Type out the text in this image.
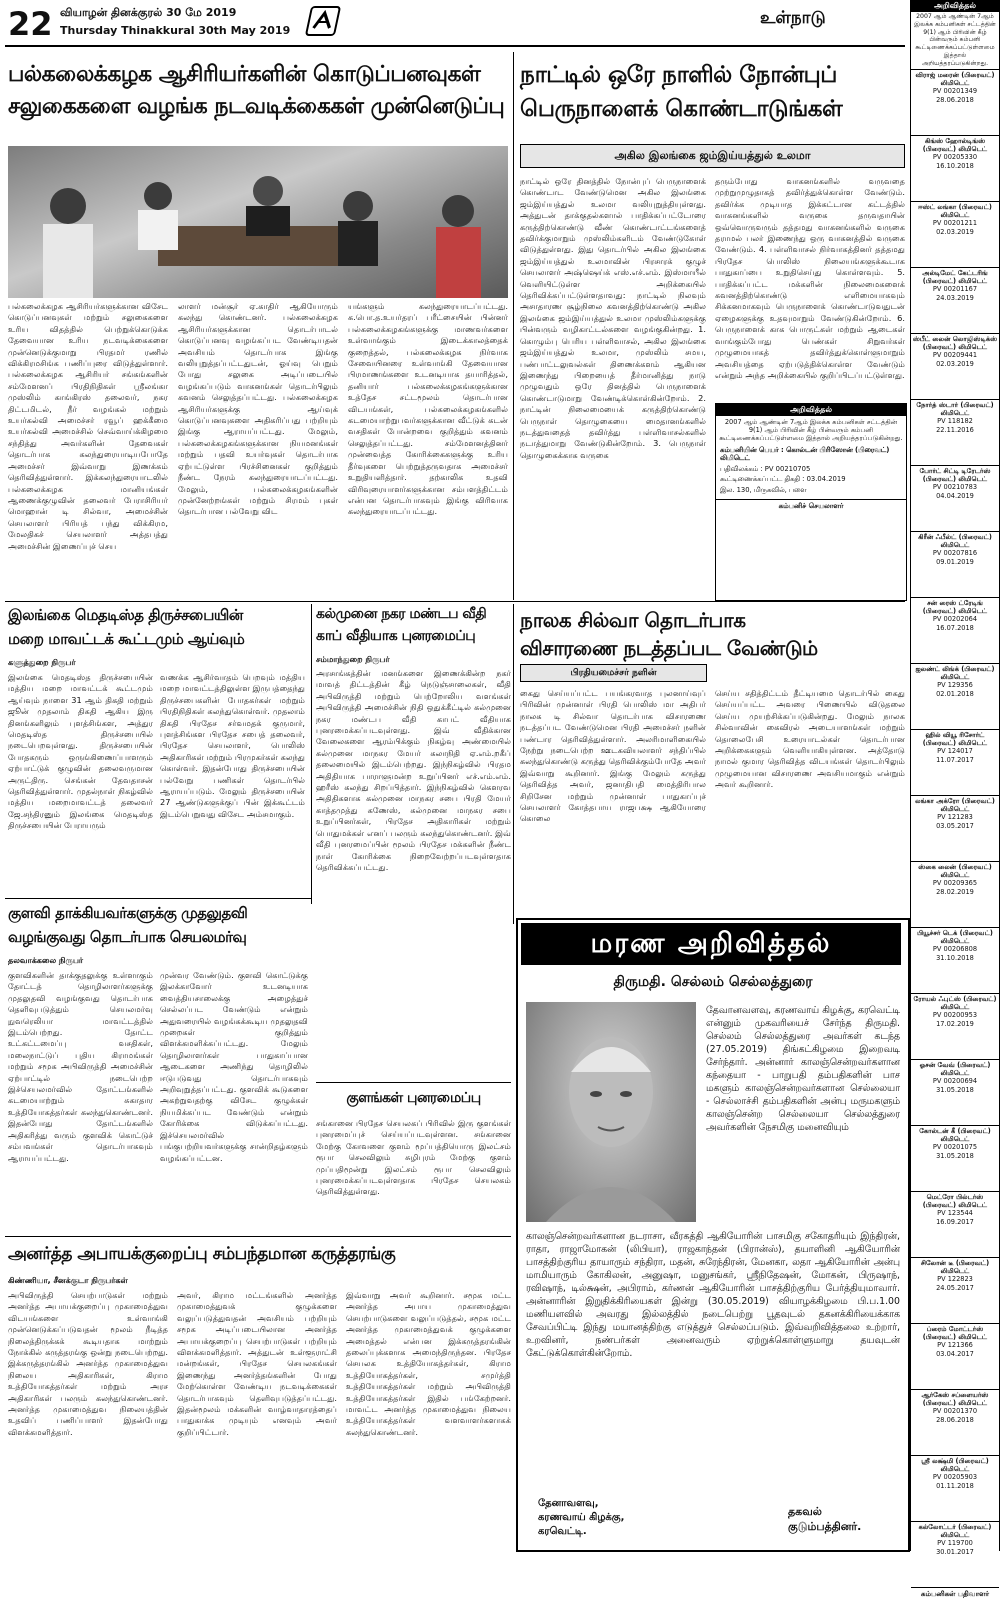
22 வியாழன் தினக்குரல் 30 மே 2019
Thursday Thinakkural 30th May 2019
உள்நாடு
பல்கலைக்கழக ஆசிரியர்களின் கொடுப்பனவுகள்
சலுகைகளை வழங்க நடவடிக்கைகள் முன்னெடுப்பு
பல்கலைக்கழக ஆசிரியர்களுக்கான விசேட கொடுப்பனவுகள் மற்றும் சலுகைகளை உரிய விதத்தில் பெற்றுக்கொடுக்க தேவையான உரிய நடவடிக்கைகளை முன்னெடுக்குமாறு பிரதமர் ரணில் விக்கிரமசிங்க பணிப்புரை விடுத்துள்ளார். பல்கலைக்கழக ஆசிரியர் சங்கங்களின் சம்மேளனப் பிரதிநிதிகள் ஸ்ரீலங்கா முஸ்லிம் காங்கிரஸ் தலைவர், நகர திட்டமிடல், நீர் வழங்கல் மற்றும் உயர்கல்வி அமைச்சர் ரவூப் ஹக்கீமை உயர்கல்வி அமைச்சில் செவ்வாய்க்கிழமை சந்தித்து அவர்களின் தேவைகள் தொடர்பாக கலந்துரையாடியபோதே அமைச்சர் இவ்வாறு இணக்கம் தெரிவித்துள்ளார். இக்கலந்துரையாடலில் பல்கலைக்கழக மானியங்கள் ஆணைக்குழுவின் தலைவர் பேராசிரியர் மொஹான் டி சில்வா, அமைச்சின் செயலாளர் பிரியத் பந்து விக்கிரம, மேலதிகச் செயலாளர் அத்தபத்து அமைச்சின் இணைப்புச் செய
லாளர் மன்சூர் ஏ.காதிர் ஆகியோரும் கலந்து கொண்டனர். பல்கலைக்கழக ஆசிரியர்களுக்கான தொடர்பாடல் கொடுப்பனவு வழங்கப்பட வேண்டியதன் அவசியம் தொடர்பாக இங்கு வலியுறுத்தப்பட்டதுடன், ஓய்வு பெறும் போது சலுகை அடிப்படையில் வழங்கப்படும் வாகனங்கள் தொடர்பிலும் கவனம் செலுத்தப்பட்டது. பல்கலைக்கழக ஆசிரியர்களுக்கு ஆய்வுக் கொடுப்பனவுகளை அதிகரிப்பது பற்றியும் இங்கு ஆராயப்பட்டது. மேலும், பல்கலைக்கழகங்களுக்கான நியமனங்கள் மற்றும் பதவி உயர்வுகள் தொடர்பாக ஏற்பட்டுள்ள பிரச்சினைகள் குறித்தும் நீண்ட நேரம் கலந்துரையாடப்பட்டது. மேலும், பல்கலைக்கழகங்களின் முன்னேற்றங்கள் மற்றும் சிரமம் புகள் தொடர்பான பல்வேறு விட
யங்களும் கலந்துரையாடப்பட்டது. க.பொ.த.உயர்தரப் பரீட்சையின் பின்னர் பல்கலைக்கழகங்களுக்கு மாணவர்களை உள்வாங்கும் இடைக்காலத்தைக் குறைத்தல், பல்கலைக்கழக நிர்வாக சேவையினரை உள்வாங்கி தேவையான பிரமாணங்களை உடனடியாக தயாரித்தல், தனியார் பல்கலைக்கழகங்களுக்கான உத்தேச சட்டமூலம் தொடர்பான விடயங்கள், பல்கலைக்கழகங்களில் கடமையாற்றுபவர்களுக்கான வீட்டுக் கடன் வசதிகள் போன்றவை குறித்தும் கவனம் செலுத்தப்பட்டது. சம்மேளனத்தினர் முன்வைத்த கோரிக்கைகளுக்கு உரிய தீர்வுகளை பெற்றுத்தருவதாக அமைச்சர் உறுதியளித்தார். தற்காலிக உதவி விரிவுரையாளர்களுக்கான சம்பளத்திட்டம் என்பன தொடர்பாகவும் இங்கு விரிவாக கலந்துரையாடப்பட்டது.
நாட்டில் ஒரே நாளில் நோன்புப்
பெருநாளைக் கொண்டாடுங்கள்
அகில இலங்கை ஜம்இய்யத்துல் உலமா
நாட்டில் ஒரே தினத்தில் நோன்புப் பெருநாளைக் கொண்டாட வேண்டுமென அகில இலங்கை ஜம்இய்யத்துல் உலமா வலியுறுத்தியுள்ளது. அத்துடன் தாக்குதல்களால் பாதிக்கப்பட்டோரை கருத்திற்கொண்டு வீண் கொண்டாட்டங்களைத் தவிர்க்குமாறும் முஸ்லிம்களிடம் வேண்டுகோள் விடுத்துள்ளது. இது தொடர்பில் அகில இலங்கை ஜம்இய்யத்துல் உலமாவின் பிரசாரக் குழுச் செயலாளர் அஷ்ஷெய்க் எஸ்.எச்.எம். இஸ்மாயீல் வெளியிட்டுள்ள அறிக்கையில் தெரிவிக்கப்பட்டுள்ளதாவது: நாட்டில் நிலவும் அசாதாரண சூழ்நிலை கவனத்திற்கொண்டு அகில இலங்கை ஜம்இய்யத்துல் உலமா முஸ்லிம்களுக்கு பின்வரும் வழிகாட்டல்களை வழங்குகின்றது. 1. கொழும்பு பெரிய பள்ளிவாசல், அகில இலங்கை ஜம்இய்யத்துல் உலமா, முஸ்லிம் சமய, பண்பாட்டலுவல்கள் திணைக்களம் ஆகியன இணைந்து பிறையைத் தீர்மானித்து நாடு முழுவதும் ஒரே தினத்தில் பெருநாளைக் கொண்டாடுமாறு வேண்டிக்கொள்கின்றோம். 2. நாட்டின் நிலைமையைக் கருத்திற்கொண்டு பெருநாள் தொழுகையை மைதானங்களில் நடத்துவதைத் தவிர்த்து பள்ளிவாசல்களில் நடாத்துமாறு வேண்டுகின்றோம். 3. பெருநாள் தொழுகைக்காக வருகை
தரும்போது வாகனங்களில் வருவதை முற்றுமுழுதாகத் தவிர்த்துக்கொள்ள வேண்டும். தவிர்க்க முடியாத இக்கட்டான கட்டத்தில் வாகனங்களில் வருகை தருவதாயின் ஒவ்வொருவரும் தத்தமது வாகனங்களில் வருகை தராமல் பலர் இணைந்து ஒரு வாகனத்தில் வருகை வேண்டும். 4. பள்ளிவாசல் நிர்வாகத்தினர் தத்தமது பிரதேச பொலிஸ் நிலையங்களுக்கூடாக பாதுகாப்பை உறுதிசெய்து கொள்ளவும். 5. பாதிக்கப்பட்ட மக்களின் நிலைமைகளைக் கவனத்திற்கொண்டு எளிமையாகவும் சிக்கனமாகவும் பெருநாளைக் கொண்டாடுவதுடன் ஏழைகளுக்கு உதவுமாறும் வேண்டுகின்றோம். 6. பெருநாளைக் காக பொருட்கள் மற்றும் ஆடைகள் வாங்கும்போது பெண்கள் சிறுவர்கள் முழுமையாகத் தவிர்த்துக்கொள்ளுமாறும் அவசியத்தை ஏற்படுத்திக்கொள்ள வேண்டும் என்றும் அந்த அறிக்கையில் குறிப்பிடப்பட்டுள்ளது.
அறிவித்தல்
2007 ஆம் ஆண்டின் 7ஆம் இலக்க கம்பனிகள் சட்டத்தின் 9(1) ஆம் பிரிவின் கீழ் பின்வரும் கம்பனி கூட்டிணைக்கப்பட்டுள்ளமை இத்தால் அறியத்தரப்படுகின்றது.
கம்பனியின் பெயர் : கொல்டன் பிரிஸோன் (பிரைவட்) லிமிடெட்
பதிவிலக்கம் : PV 00210705
கூட்டிணைக்கப்பட்ட திகதி : 03.04.2019
இல. 130, மிருகவில், பளை
கம்பனிச் செயலாளர்
இலங்கை மெதடிஸ்த திருச்சபையின்
மறை மாவட்டக் கூட்டமும் ஆய்வும்
களுத்துறை நிருபர்
இலங்கை மெதடிஸ்த திருச்சபையின் மத்திய மறை மாவட்டக் கூட்டமும் ஆய்வும் நாளை 31 ஆம் திகதி மற்றும் ஜூன் முதலாம் திகதி ஆகிய இரு தினங்களிலும் புளத்சிங்கள, அத்துர மெதடிஸ்த திருச்சபையில் நடைபெறவுள்ளது. திருச்சபையின் போதகரும் ஒருங்கிணைப்பாளரும் ஏற்பாட்டுக் குழுவின் தலைவருமான அருட்திரு. செங்கன் தேவதாசன் தெரிவித்துள்ளார். முதல்நாள் நிகழ்வில் மத்திய மறைமாவட்டத் தலைவர் ஜே.சந்திரனும் இலங்கை மெதடிஸ்த திருச்சபையின் பேராயரும்
வணக்க ஆசிர்வாதம் பெறவும் மத்திய மறை மாவட்டத்திலுள்ள இருபத்தைந்து திருச்சபைகளின் போதகர்கள் மற்றும் பிரதிநிதிகள் கலந்துகொள்வர். முதலாம் திகதி பிரதேச சர்வமதக் குருமார், புளத்சிங்கள பிரதேச சபைத் தலைவர், பிரதேச செயலாளர், பொலிஸ் அதிகாரிகள் மற்றும் பிரமுகர்கள் கலந்து கொள்வர். இதன்போது திருச்சபையின் பல்வேறு பணிகள் தொடர்பில் ஆராயப்படும். மேலும் திருச்சபையின் 27 ஆண்டுகளுக்குப் பின் இக்கூட்டம் இடம்பெறுவது விசேட அம்சமாகும்.
கல்முனை நகர மண்டப வீதி
காப் வீதியாக புனரமைப்பு
சம்மாந்துறை நிருபர்
அரசாங்கத்தின் மனங்களை இணைக்கின்ற நகர் மாவத் திட்டத்தின் கீழ் நெடுஞ்சாலைகள், வீதி அபிவிருத்தி மற்றும் பெற்றோலிய வளங்கள் அபிவிருத்தி அமைச்சின் நிதி ஒதுக்கீட்டில் கல்முனை நகர மண்டப வீதி காபட் வீதியாக புனரமைக்கப்படவுள்ளது. இவ் வீதிக்கான வேலைகளை ஆரம்பிக்கும் நிகழ்வு அண்மையில் கல்முனை மாநகர மேயர் கலாநிதி ஏ.எம்.றகீப் தலைமையில் இடம்பெற்றது. இந்நிகழ்வில் பிரதம அதிதியாக பாராளுமன்ற உறுப்பினர் எச்.எம்.எம். ஹரீஸ் கலந்து சிறப்பித்தார். இந்நிகழ்வில் கௌரவ அதிதிகளாக கல்முனை மாநகர சபை பிரதி மேயர் காத்தமுத்து கணேஸ், கல்முனை மாநகர சபை உறுப்பினர்கள், பிரதேச அதிகாரிகள் மற்றும் பொதுமக்கள் எனப் பலரும் கலந்துகொண்டனர். இவ் வீதி புனரமைப்பின் மூலம் பிரதேச மக்களின் நீண்ட நாள் கோரிக்கை நிறைவேற்றப்படவுள்ளதாக தெரிவிக்கப்பட்டது.
நாலக சில்வா தொடர்பாக
விசாரணை நடத்தப்பட வேண்டும்
பிரதியமைச்சர் நளின்
கைது செய்யப்பட்ட பயங்கரவாத புலனாய்வுப் பிரிவின் முன்னாள் பிரதி பொலிஸ் மா அதிபர் நாலக டி சில்வா தொடர்பாக விசாரணை நடத்தப்பட வேண்டுமென பிரதி அமைச்சர் நளின் பண்டார தெரிவித்துள்ளார். அலரிமாளிகையில் நேற்று நடைபெற்ற ஊடகவியலாளர் சந்திப்பில் கலந்துகொண்டு கருத்து தெரிவிக்கும்போதே அவர் இவ்வாறு கூறினார். இங்கு மேலும் கருத்து தெரிவித்த அவர், ஜனாதிபதி மைத்திரிபால சிறிசேன மற்றும் முன்னாள் பாதுகாப்புச் செயலாளர் கோத்தபாய ராஜபக்ஷ ஆகியோரை கொலை
செய்ய சதித்திட்டம் தீட்டியமை தொடர்பில் கைது செய்யப்பட்ட அவரை பிணையில் விடுதலை செய்ய முயற்சிக்கப்படுகின்றது. மேலும் நாலக சில்வாவின் கைவிரல் அடையாளங்கள் மற்றும் தொலைபேசி உரையாடல்கள் தொடர்பான அறிக்கைகளும் வெளியாகியுள்ளன. அத்தோடு நாமல் குமார தெரிவித்த விடயங்கள் தொடர்பிலும் முழுமையான விசாரணை அவசியமாகும் என்றும் அவர் கூறினார்.
குளவி தாக்கியவர்களுக்கு முதலுதவி
வழங்குவது தொடர்பாக செயலமர்வு
தலவாக்கலை நிருபர்
குளவிகளின் தாக்குதலுக்கு உள்ளாகும் தோட்டத் தொழிலாளர்களுக்கு முதலுதவி வழங்குவது தொடர்பாக தெளிவுபடுத்தும் செயலமர்வு நுவரெலியா மாவட்டத்தில் இடம்பெற்றது. தோட்ட உட்கட்டமைப்பு வசதிகள், மலைநாட்டுப் புதிய கிராமங்கள் மற்றும் சமூக அபிவிருத்தி அமைச்சின் ஏற்பாட்டில் நடைபெற்ற இச்செயலமர்வில் தோட்டங்களில் கடமையாற்றும் சுகாதார உத்தியோகத்தர்கள் கலந்துகொண்டனர். இதன்போது தோட்டங்களில் அதிகரித்து வரும் குளவிக் கொட்டுச் சம்பவங்கள் தொடர்பாகவும் ஆராயப்பட்டது.
முன்வர வேண்டும். குளவி கொட்டுக்கு இலக்காவோர் உடனடியாக வைத்தியசாலைக்கு அழைத்துச் செல்லப்பட வேண்டும் என்றும் அதுவரையில் வழங்கக்கூடிய முதலுதவி முறைகள் குறித்தும் விளக்கமளிக்கப்பட்டது. மேலும் தொழிலாளர்கள் பாதுகாப்பான ஆடைகளை அணிந்து தொழிலில் ஈடுபடுவது தொடர்பாகவும் அறிவுறுத்தப்பட்டது. குளவிக் கூடுகளை அகற்றுவதற்கு விசேட குழுக்கள் நியமிக்கப்பட வேண்டும் என்றும் கோரிக்கை விடுக்கப்பட்டது. இச்செயலமர்வில் பங்குபற்றியவர்களுக்கு சான்றிதழ்களும் வழங்கப்பட்டன.
குளங்கள் புனரமைப்பு
சங்கானை பிரதேச செயலகப் பிரிவில் இரு குளங்கள் புனரமைப்புச் செய்யப்படவுள்ளன. சங்கானை மேற்கு கோவளை குளம் மூப்பத்தியொரு இலட்சம் ரூபா செலவிலும் சுழிபுரம் மேற்கு குளம் முப்பதிமூன்று இலட்சம் ரூபா செலவிலும் புனரமைக்கப்படவுள்ளதாக பிரதேச செயலகம் தெரிவித்துள்ளது.
மரண அறிவித்தல்
திருமதி. செல்லம் செல்லத்துரை
தேவானவளவு, கரணவாய் கிழக்கு, கரவெட்டி என்னும் முகவரியைச் சேர்ந்த திருமதி. செல்லம் செல்லத்துரை அவர்கள் கடந்த (27.05.2019) திங்கட்கிழமை இறைவடி சேர்ந்தார். அன்னார் காலஞ்சென்றவர்களான கந்தையா - பாறுபதி தம்பதிகளின் பாச மகளும் காலஞ்சென்றவர்களான செல்லையா - செல்லாச்சி தம்பதிகளின் அன்பு மருமகளும் காலஞ்சென்ற செல்லையா செல்லத்துரை அவர்களின் நேசமிகு மனைவியும்
காலஞ்சென்றவர்களான நடராசா, வீரகத்தி ஆகியோரின் பாசமிகு சகோதரியும் இந்திரன், ராதா, ராஜாமோகன் (லிபியா), ராஜகாந்தன் (பிரான்ஸ்), தயாளினி ஆகியோரின் பாசத்திற்குரிய தாயாரும் சந்திரா, மதன், சுரேந்திரன், மேனகா, லதா ஆகியோரின் அன்பு மாமியாரும் கோகிலன், அனுஷா, மனுசங்கர், ஸ்ரீநிதேஷன், மோகன், பிருஷாந், ரவிஷாந், டில்க்ஷன், அபிராம், கர்ணன் ஆகியோரின் பாசத்திற்குரிய பேர்த்தியுமாவார். அன்னாரின் இறுதிக்கிரியைகள் இன்று (30.05.2019) வியாழக்கிழமை பி.ப.1.00 மணியளவில் அவரது இல்லத்தில் நடைபெற்று பூதவுடல் தகனக்கிரியைக்காக சேவப்பிட்டி இந்து மயானத்திற்கு எடுத்துச் செல்லப்படும். இவ்வறிவித்தலை உற்றார், உறவினர், நண்பர்கள் அனைவரும் ஏற்றுக்கொள்ளுமாறு தயவுடன் கேட்டுக்கொள்கின்றோம்.
தேனாவளவு,
கரணவாய் கிழக்கு,
கரவெட்டி.
தகவல்
குடும்பத்தினர்.
அனர்த்த அபாயக்குறைப்பு சம்பந்தமான கருத்தரங்கு
கிண்ணியா, சீனக்குடா நிருபர்கள்
அபிவிருத்தி செயற்பாடுகள் மற்றும் அனர்த்த அபாயக்குறைப்பு முகாமைத்துவ விடயங்களை உள்வாங்கி முன்னெடுக்கப்படுவதன் மூலம் நீடித்த நிலைத்திருக்கக் கூடியதாக மாற்றும் நோக்கில் கருத்தரங்கு ஒன்று நடைபெற்றது. இக்கருத்தரங்கில் அனர்த்த முகாமைத்துவ நிலைய அதிகாரிகள், கிராம உத்தியோகத்தர்கள் மற்றும் அரச அதிகாரிகள் பலரும் கலந்துகொண்டனர். அனர்த்த முகாமைத்துவ நிலையத்தின் உதவிப் பணிப்பாளர் இதன்போது விளக்கமளித்தார்.
அவர், கிராம மட்டங்களில் அனர்த்த முகாமைத்துவக் குழுக்களை வலுப்படுத்துவதன் அவசியம் பற்றியும் சமூக அடிப்படையிலான அனர்த்த அபாயக்குறைப்பு செயற்பாடுகள் பற்றியும் விளக்கமளித்தார். அத்துடன் உள்ளூராட்சி மன்றங்கள், பிரதேச செயலகங்கள் இணைந்து அனர்த்தங்களின் போது மேற்கொள்ள வேண்டிய நடவடிக்கைகள் தொடர்பாகவும் தெளிவுபடுத்தப்பட்டது. இதன்மூலம் மக்களின் வாழ்வாதாரத்தைப் பாதுகாக்க முடியும் எனவும் அவர் குறிப்பிட்டார்.
இவ்வாறு அவர் கூறினார். சமூக மட்ட அனர்த்த அபாய முகாமைத்துவ செயற்பாடுகளை வலுப்படுத்தல், சமூக மட்ட அனர்த்த முகாமைத்துவக் குழுக்களை அமைத்தல் என்பன இக்கருத்தரங்கின் தலைப்புக்களாக அமைந்திருந்தன. பிரதேச செயலக உத்தியோகத்தர்கள், கிராம உத்தியோகத்தர்கள், சமுர்த்தி உத்தியோகத்தர்கள் மற்றும் அபிவிருத்தி உத்தியோகத்தர்கள் இதில் பங்கேற்றனர். மாவட்ட அனர்த்த முகாமைத்துவ நிலைய உத்தியோகத்தர்கள் வளவாளர்களாகக் கலந்துகொண்டனர்.
அறிவித்தல்
2007 ஆம் ஆண்டின் 7ஆம் இலக்க கம்பனிகள் சட்டத்தின் 9(1) ஆம் பிரிவின் கீழ் பின்வரும் கம்பனி கூட்டிணைக்கப்பட்டுள்ளமை இத்தால் அறியத்தரப்படுகின்றது.
விராஜ் மரைன் (பிரைவட்) லிமிடெட்
PV 00201349
28.06.2018
கிங்ஸ் ஹோல்டிங்ஸ் (பிரைவட்) லிமிடெட்
PV 00205330
16.10.2018
ஈஸ்ட் லங்கா (பிரைவட்) லிமிடெட்
PV 00201211
02.03.2019
அல்டிமேட் கேட்டரிங் (பிரைவட்) லிமிடெட்
PV 00201167
24.03.2019
ஸ்பீட் லைன் லொஜிஸ்டிக்ஸ் (பிரைவட்) லிமிடெட்
PV 00209441
02.03.2019
நோர்த் ஸ்டார் (பிரைவட்) லிமிடெட்
PV 118182
22.11.2016
போர்ட் சிட்டி டிரேடர்ஸ் (பிரைவட்) லிமிடெட்
PV 00210783
04.04.2019
கிரீன் ஃபீல்ட் (பிரைவட்) லிமிடெட்
PV 00207816
09.01.2019
சன் ரைஸ் ட்ரேடிங் (பிரைவட்) லிமிடெட்
PV 00202064
16.07.2018
ஐலண்ட் லிங்க் (பிரைவட்) லிமிடெட்
PV 129356
02.01.2018
ஹில் வியூ ரிசோர்ட் (பிரைவட்) லிமிடெட்
PV 124017
11.07.2017
லங்கா அக்ரோ (பிரைவட்) லிமிடெட்
PV 121283
03.05.2017
ஸ்கை லைன் (பிரைவட்) லிமிடெட்
PV 00209365
28.02.2019
பியூச்சர் டெக் (பிரைவட்) லிமிடெட்
PV 00206808
31.10.2018
ரோயல் ஃபுட்ஸ் (பிரைவட்) லிமிடெட்
PV 00200953
17.02.2019
ஓசன் வேவ் (பிரைவட்) லிமிடெட்
PV 00200694
31.05.2018
கோல்டன் கீ (பிரைவட்) லிமிடெட்
PV 00201075
31.05.2018
மெட்ரோ பில்டர்ஸ் (பிரைவட்) லிமிடெட்
PV 123544
16.09.2017
சிலோன் டீ (பிரைவட்) லிமிடெட்
PV 122823
24.05.2017
ப்ரைம் மோட்டர்ஸ் (பிரைவட்) லிமிடெட்
PV 121366
03.04.2017
ஆர்கேஸ் சப்ளையர்ஸ் (பிரைவட்) லிமிடெட்
PV 00201370
28.06.2018
ஸ்ரீ லக்ஷ்மி (பிரைவட்) லிமிடெட்
PV 00205903
01.11.2018
கல்லோட்டர் (பிரைவட்) லிமிடெட்
PV 119700
30.01.2017
கம்பனிகள் பதிவாளர்
